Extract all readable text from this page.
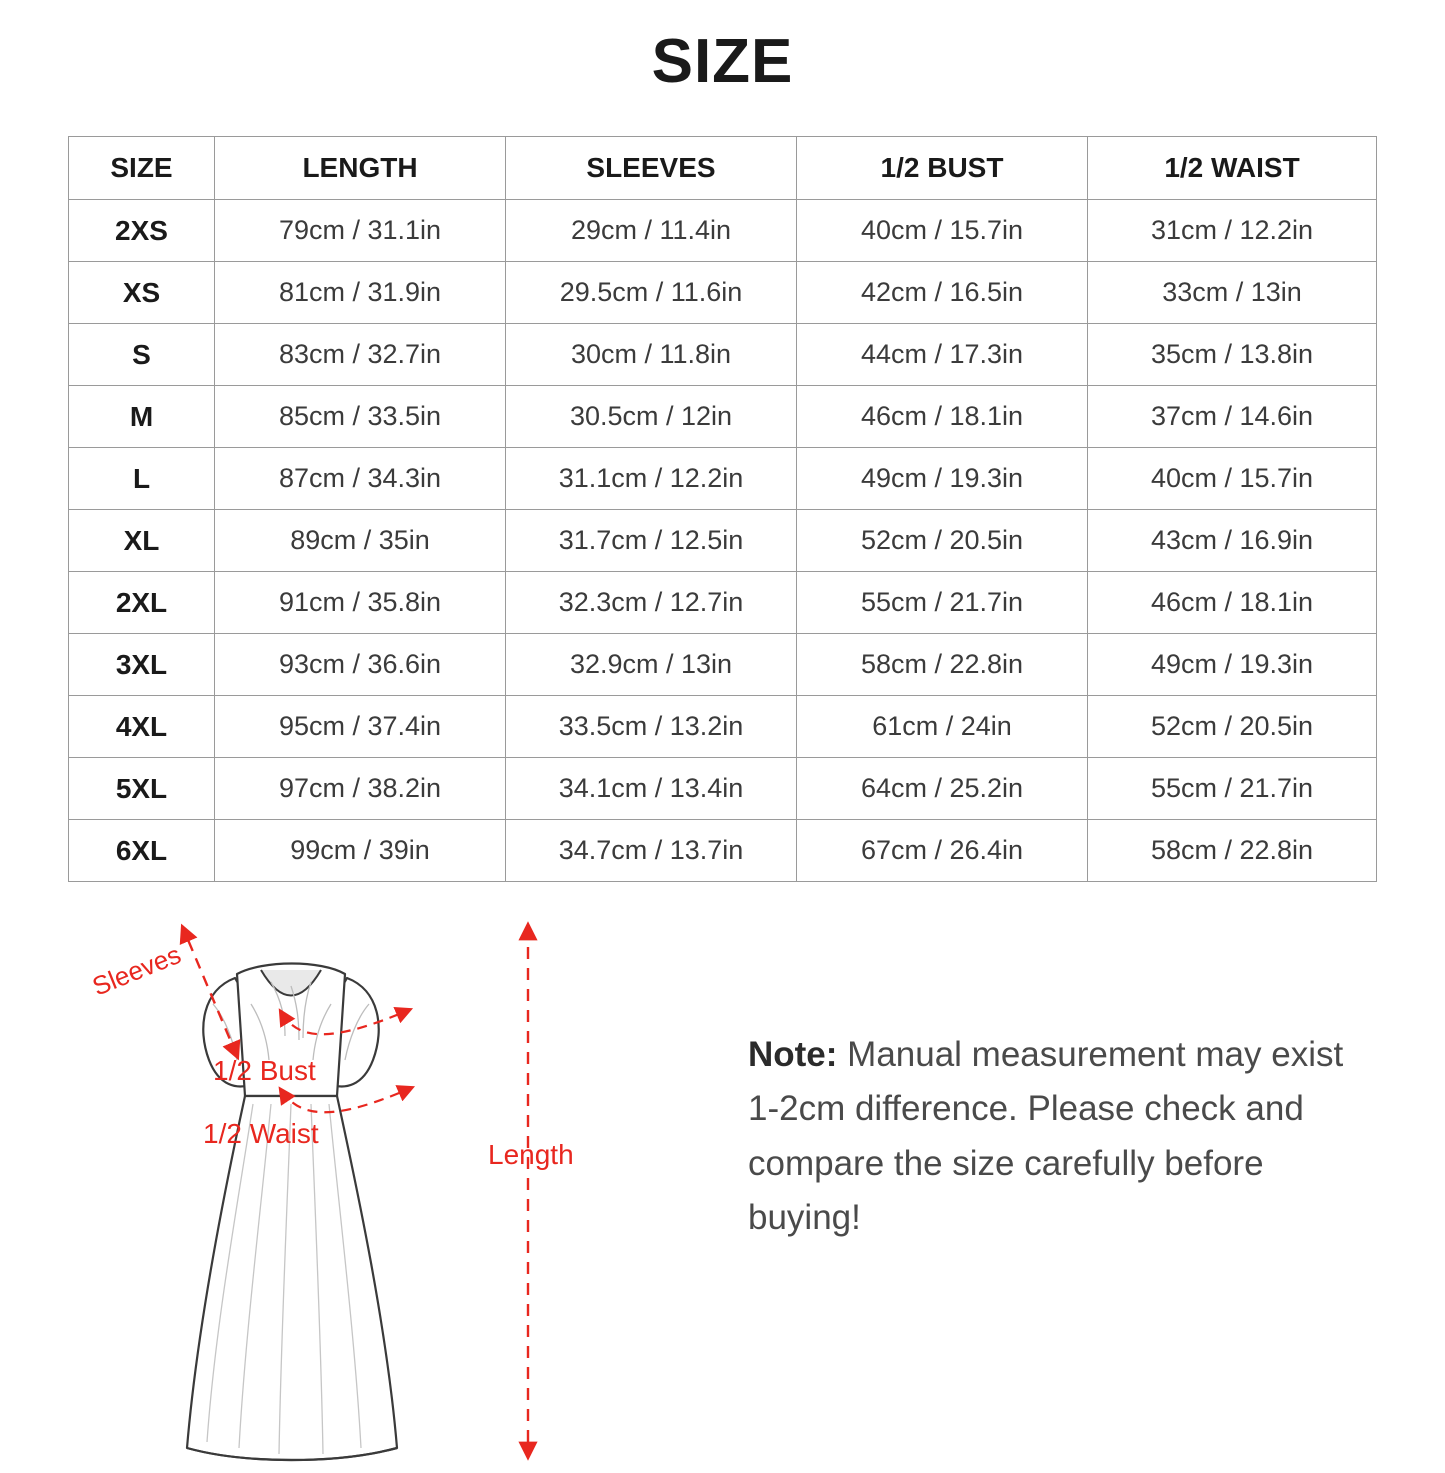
SIZE
SIZE	LENGTH	SLEEVES	1/2 BUST	1/2 WAIST
2XS	79cm / 31.1in	29cm / 11.4in	40cm / 15.7in	31cm / 12.2in
XS	81cm / 31.9in	29.5cm / 11.6in	42cm / 16.5in	33cm / 13in
S	83cm / 32.7in	30cm / 11.8in	44cm / 17.3in	35cm / 13.8in
M	85cm / 33.5in	30.5cm / 12in	46cm / 18.1in	37cm / 14.6in
L	87cm / 34.3in	31.1cm / 12.2in	49cm / 19.3in	40cm / 15.7in
XL	89cm / 35in	31.7cm / 12.5in	52cm / 20.5in	43cm / 16.9in
2XL	91cm / 35.8in	32.3cm / 12.7in	55cm / 21.7in	46cm / 18.1in
3XL	93cm / 36.6in	32.9cm / 13in	58cm / 22.8in	49cm / 19.3in
4XL	95cm / 37.4in	33.5cm / 13.2in	61cm / 24in	52cm / 20.5in
5XL	97cm / 38.2in	34.1cm / 13.4in	64cm / 25.2in	55cm / 21.7in
6XL	99cm / 39in	34.7cm / 13.7in	67cm / 26.4in	58cm / 22.8in
Sleeves
1/2 Bust
1/2 Waist
Length
Note: Manual measurement may exist 1-2cm difference. Please check and compare the size carefully before buying!
